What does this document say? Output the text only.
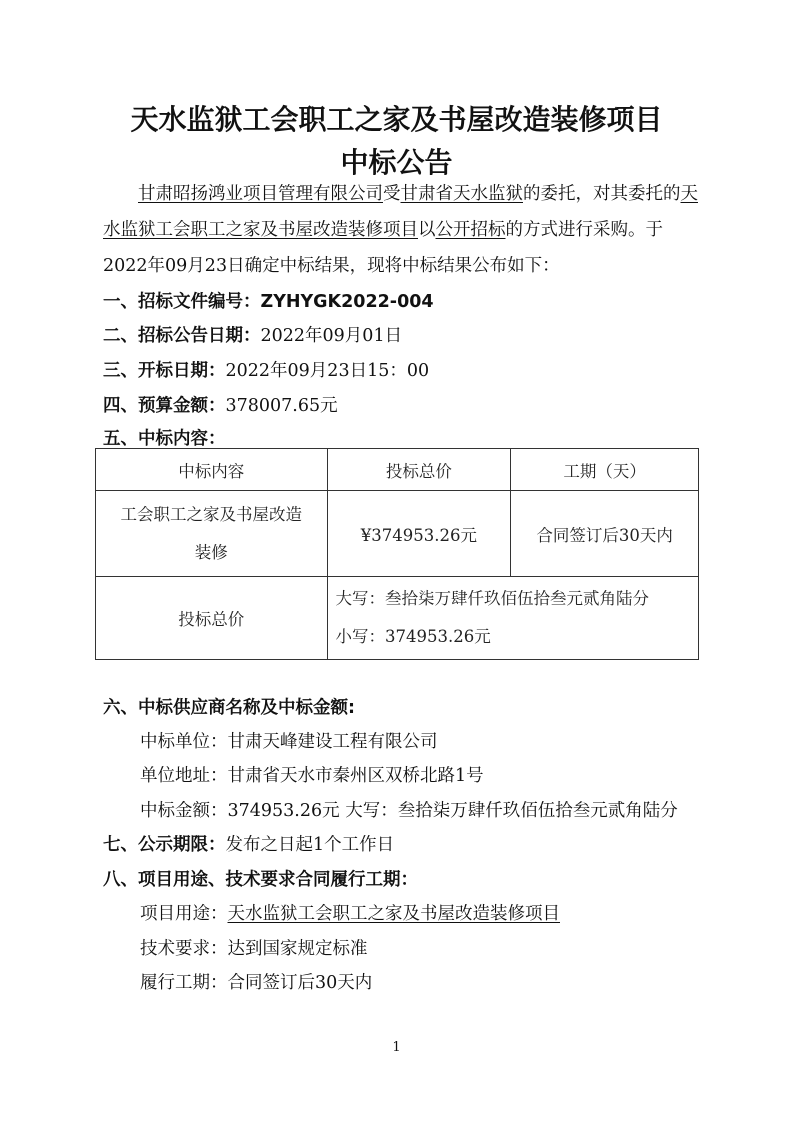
天水监狱工会职工之家及书屋改造装修项目
中标公告
甘肃昭扬鸿业项目管理有限公司受甘肃省天水监狱的委托，对其委托的天水监狱工会职工之家及书屋改造装修项目以公开招标的方式进行采购。于2022年09月23日确定中标结果，现将中标结果公布如下：
一、招标文件编号：ZYHYGK2022-004
二、招标公告日期：2022年09月01日
三、开标日期：2022年09月23日15：00
四、预算金额：378007.65元
五、中标内容：
中标内容	投标总价	工期（天）
工会职工之家及书屋改造
装修	¥374953.26元	合同签订后30天内
投标总价	大写：叁拾柒万肆仟玖佰伍拾叁元贰角陆分
小写：374953.26元	
六、中标供应商名称及中标金额:
中标单位：甘肃天峰建设工程有限公司
单位地址：甘肃省天水市秦州区双桥北路1号
中标金额：374953.26元 大写：叁拾柒万肆仟玖佰伍拾叁元贰角陆分
七、公示期限：发布之日起1个工作日
八、项目用途、技术要求合同履行工期：
项目用途：天水监狱工会职工之家及书屋改造装修项目
技术要求：达到国家规定标准
履行工期：合同签订后30天内
1
